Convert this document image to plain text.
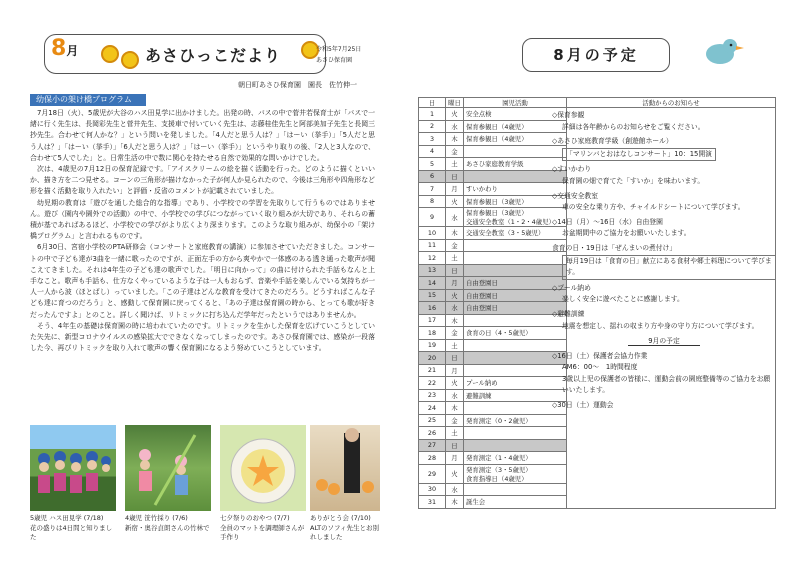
8月	あさひっこだより	令和5年7月25日
あさひ保育園
朝日町あさひ保育園　園長　佐竹伸一
幼保小の架け橋プログラム

7月18日（火）、5歳児が大谷のハス田見学に出かけました。出発の時、バスの中で菅井若保育士が「バスで一緒に行く先生は、長岡彩先生と菅井先生、支援車で付いていく先生は、志藤桂佳先生と阿部美加子先生と長岡三抄先生。合わせて何人かな？」という問いを発しました。「4人だと思う人は？」「はーい（挙手）」「5人だと思う人は？」「はーい（挙手）」「6人だと思う人は？」「はーい（挙手）」というやり取りの後、「2人と3人なので、合わせて5人でした」と。日常生活の中で数に関心を持たせる自然で効果的な問いかけでした。

次は、4歳児の7月12日の保育記録です。「アイスクリームの絵を描く活動を行った。どのように描くといいか、描き方を二つ見せる。コーンの三角形が描けなかった子が何人か見られたので、今後は三角形や四角形など形を描く活動を取り入れたい」と評価・反省のコメントが記載されていました。

幼児期の教育は「遊びを通した総合的な指導」であり、小学校での学習を先取りして行うものではありません。遊び（園内や園外での活動）の中で、小学校での学びにつながっていく取り組みが大切であり、それらの蓄積が基であればあるほど、小学校での学びがより広くより深まります。このような取り組みが、幼保小の「架け橋プログラム」と言われるものです。

6月30日、宮宿小学校のPTA研修会（コンサートと家庭教育の講演）に参加させていただきました。コンサートの中で子ども達が3曲を一緒に歌ったのですが、正面左手の方から爽やかで一体感のある透き通った歌声が聞こえてきました。それは4年生の子ども達の歌声でした。「明日に向かって」の曲に付けられた手話もなんと上手なこと。歌声も手話も、仕方なくやっているような子は一人もおらず、音楽や手話を楽しんでいる気持ちが一人一人から波（ほとばし）っていました。「この子達はどんな教育を受けてきたのだろう。どうすればこんな子ども達に育つのだろう」と、感動して保育園に戻ってくると、「あの子達は保育園の時から、とっても歌が好きだったんですよ」とのこと。詳しく聞けば、リトミックに打ち込んだ学年だったというではありませんか。

そう、4年生の基礎は保育園の時に培われていたのです。リトミックを生かした保育を広げていこうとしていた矢先に、新型コロナウイルスの感染拡大でできなくなってしまったのです。あさひ保育園では、感染が一段落した今、再びリトミックを取り入れて歌声の響く保育園になるよう努めていこうとしています。

5歳児 ハス田見学 (7/18)
花の盛りは4日間と知りました
4歳児 笹竹採り (7/6)
新宿・奥谷貞朗さんの竹林で
七夕祭りのおやつ (7/7)
全員のマットを調理師さんが手作り
ありがとう会 (7/10)
ALTのソフィ先生とお別れしました
8月の予定
日	曜日	園児活動	活動からのお知らせ
1	火	安全点検	

2	水	保育参観日（4歳児）	

3	木	保育参観日（4歳児）	

4	金		

5	土	あさひ家庭教育学級	

6	日		

7	月	すいかわり	

8	火	保育参観日（3歳児）	

9	水	保育参観日（3歳児）
交通安全教室（1・2・4歳児）	

10	木	交通安全教室（3・5歳児）	

11	金		

12	土		

13	日		

14	月	自由登園日	

15	火	自由登園日	

16	水	自由登園日	

17	木		

18	金	食育の日（4・5歳児）	

19	土		

20	日		

21	月		

22	火	プール納め	

23	水	避難訓練	

24	木		

25	金	発育測定（0・2歳児）	

26	土		

27	日		

28	月	発育測定（1・4歳児）	

29	火	発育測定（3・5歳児）
食育指導日（4歳児）	

30	水		

31	木	誕生会	
◇保育参観
詳細は各年齢からのお知らせをご覧ください。
◇あさひ家庭教育学級（創遊館ホール）
「マリンバとおはなしコンサート」10：15開演
◇すいかわり
保育園の畑で育てた「すいか」を味わいます。
◇交通安全教室
車の安全な乗り方や、チャイルドシートについて学びます。
◇14日（月）～16日（水）自由登園
お盆期間中のご協力をお願いいたします。
食育の日・19日は「ぜんまいの煮付け」
毎月19日は「食育の日」献立にある食材や郷土料理について学びます。
◇プール納め
楽しく安全に遊べたことに感謝します。
◇避難訓練
地震を想定し、揺れの収まり方や身の守り方について学びます。
9月の予定
◇16日（土）保護者会協力作業
AM6：00～　1時間程度
3歳以上児の保護者の皆様に、運動会前の園庭整備等のご協力をお願いいたします。
◇30日（土）運動会
